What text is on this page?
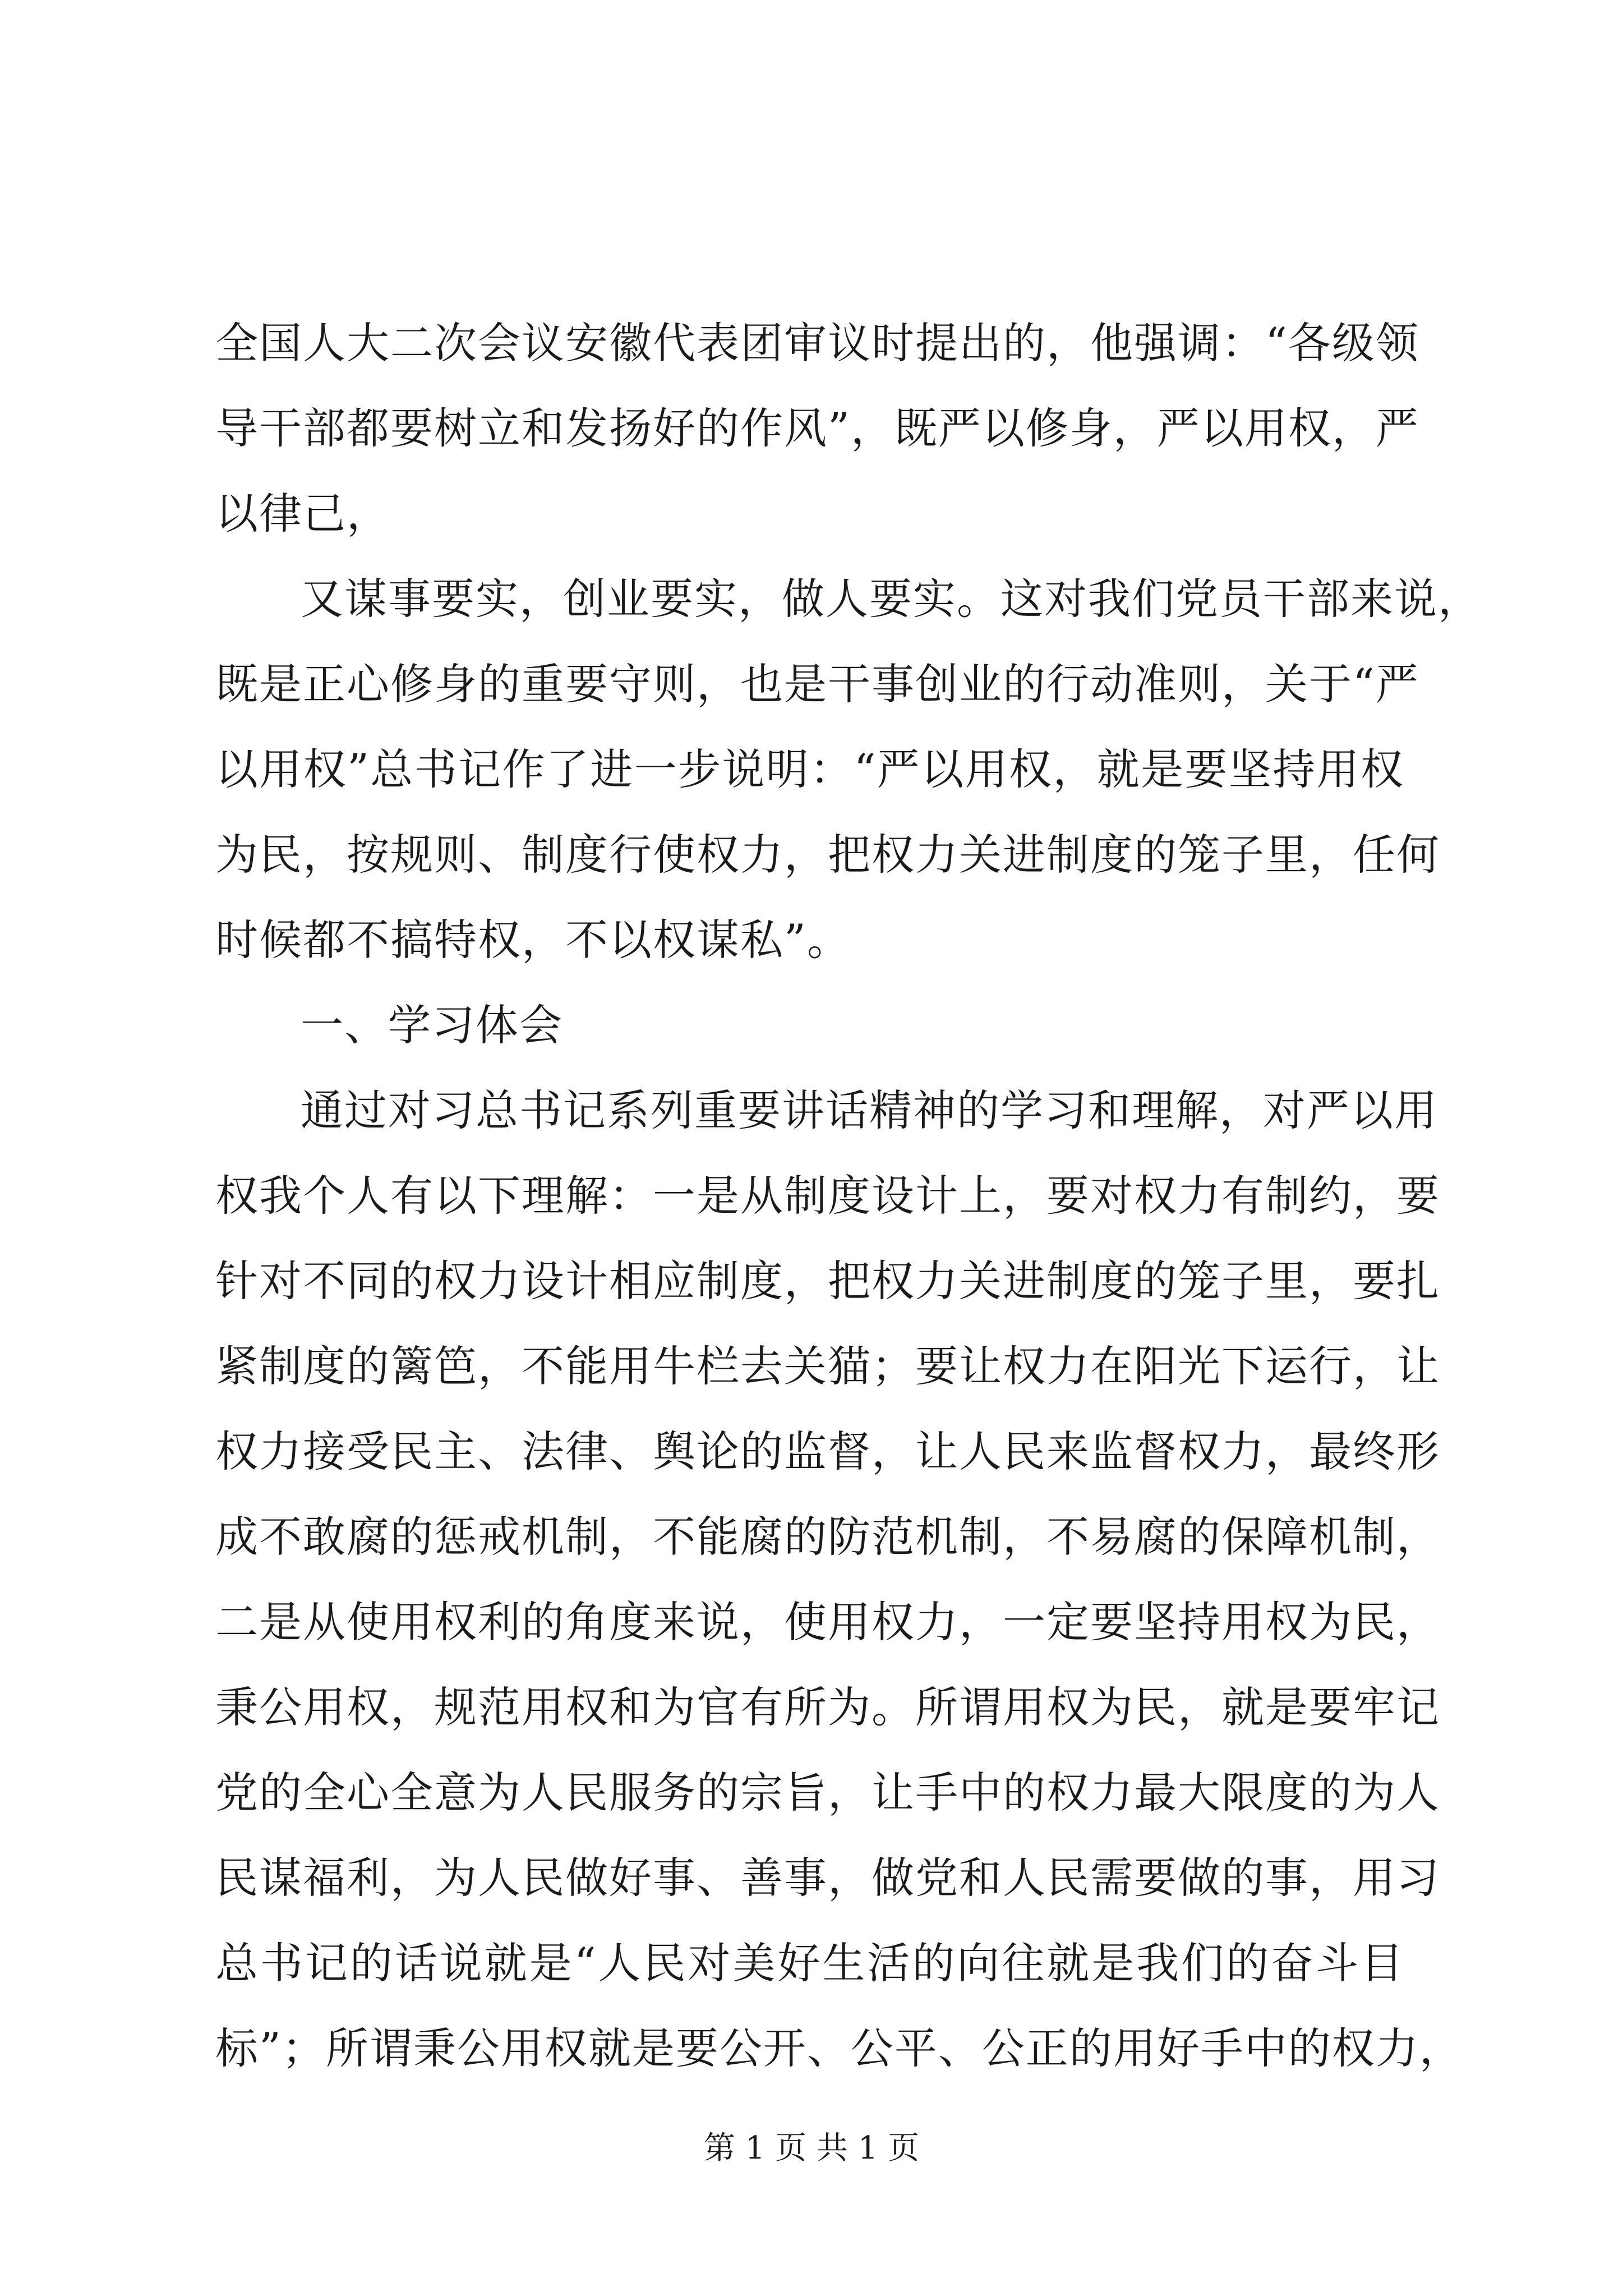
全国人大二次会议安徽代表团审议时提出的，他强调：“各级领
导干部都要树立和发扬好的作风”，既严以修身，严以用权，严
以律己，
又谋事要实，创业要实，做人要实。这对我们党员干部来说，
既是正心修身的重要守则，也是干事创业的行动准则，关于“严
以用权”总书记作了进一步说明：“严以用权，就是要坚持用权
为民，按规则、制度行使权力，把权力关进制度的笼子里，任何
时候都不搞特权，不以权谋私”。
一、学习体会
通过对习总书记系列重要讲话精神的学习和理解，对严以用
权我个人有以下理解：一是从制度设计上，要对权力有制约，要
针对不同的权力设计相应制度，把权力关进制度的笼子里，要扎
紧制度的篱笆，不能用牛栏去关猫；要让权力在阳光下运行，让
权力接受民主、法律、舆论的监督，让人民来监督权力，最终形
成不敢腐的惩戒机制，不能腐的防范机制，不易腐的保障机制，
二是从使用权利的角度来说，使用权力，一定要坚持用权为民，
秉公用权，规范用权和为官有所为。所谓用权为民，就是要牢记
党的全心全意为人民服务的宗旨，让手中的权力最大限度的为人
民谋福利，为人民做好事、善事，做党和人民需要做的事，用习
总书记的话说就是“人民对美好生活的向往就是我们的奋斗目
标”；所谓秉公用权就是要公开、公平、公正的用好手中的权力，
第 1 页 共 1 页
